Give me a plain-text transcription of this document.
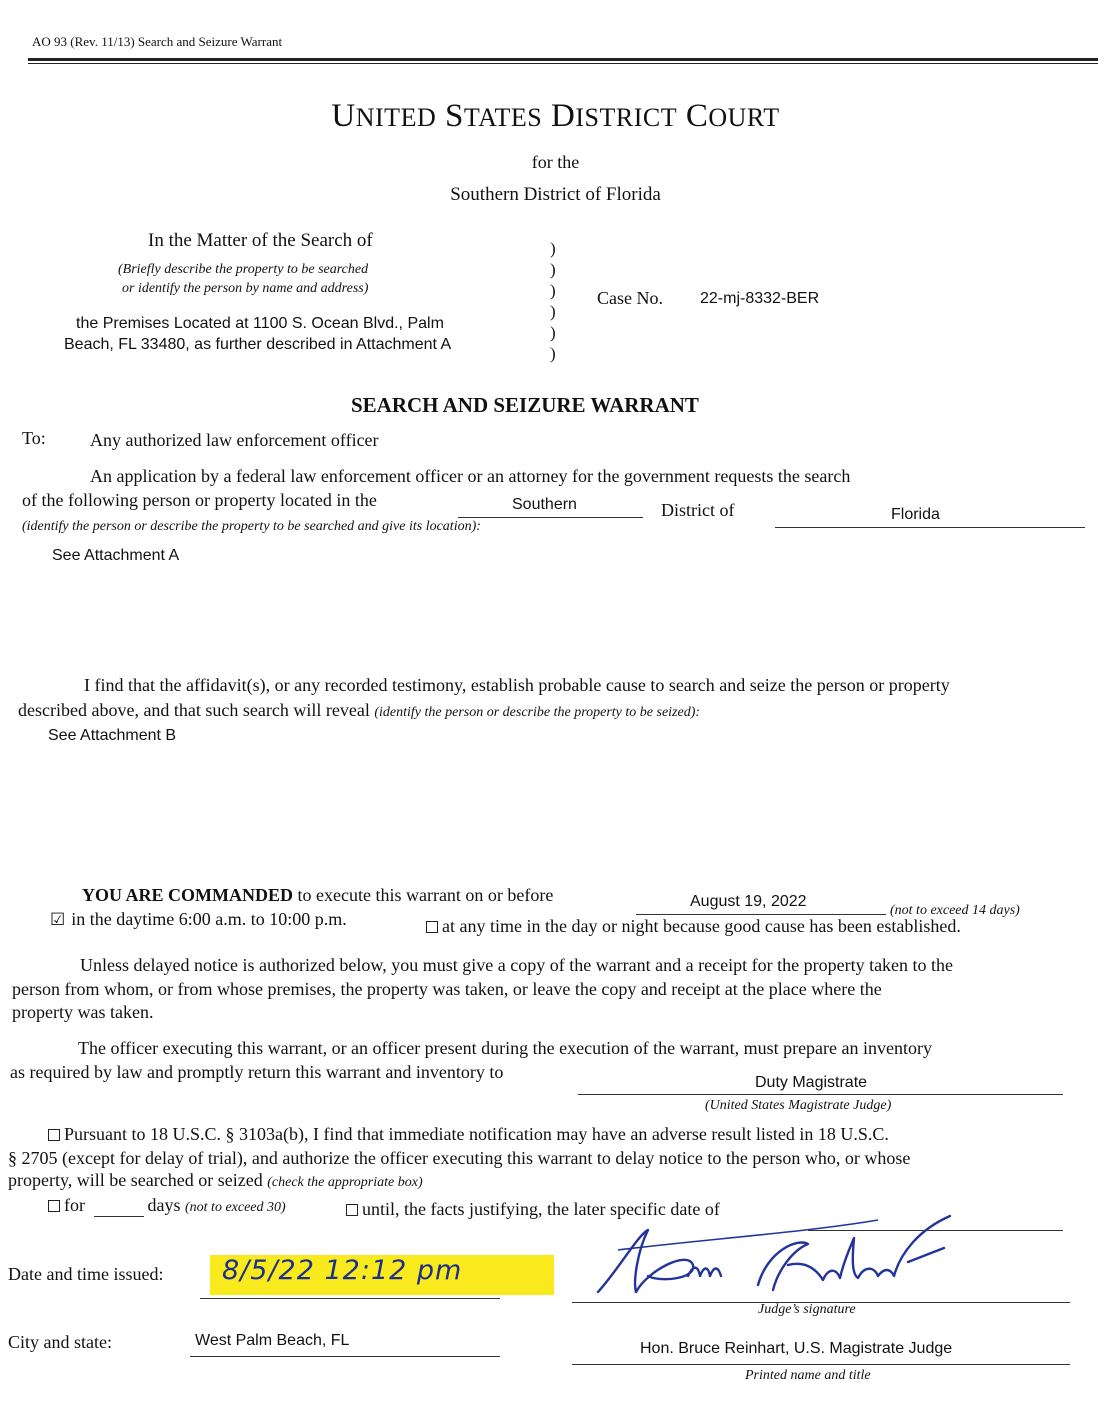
AO 93 (Rev. 11/13) Search and Seizure Warrant
UNITED STATES DISTRICT COURT
for the
Southern District of Florida
In the Matter of the Search of
(Briefly describe the property to be searched
or identify the person by name and address)
the Premises Located at 1100 S. Ocean Blvd., Palm
Beach, FL 33480, as further described in Attachment A
)
)
)
)
)
)
Case No. 22-mj-8332-BER
SEARCH AND SEIZURE WARRANT
To: Any authorized law enforcement officer
An application by a federal law enforcement officer or an attorney for the government requests the search
of the following person or property located in the	Southern	District of	Florida
(identify the person or describe the property to be searched and give its location):
See Attachment A
I find that the affidavit(s), or any recorded testimony, establish probable cause to search and seize the person or property
described above, and that such search will reveal (identify the person or describe the property to be seized):
See Attachment B
YOU ARE COMMANDED to execute this warrant on or before	August 19, 2022
(not to exceed 14 days)
☑ in the daytime 6:00 a.m. to 10:00 p.m.	at any time in the day or night because good cause has been established.
Unless delayed notice is authorized below, you must give a copy of the warrant and a receipt for the property taken to the
person from whom, or from whose premises, the property was taken, or leave the copy and receipt at the place where the
property was taken.
The officer executing this warrant, or an officer present during the execution of the warrant, must prepare an inventory
as required by law and promptly return this warrant and inventory to
Duty Magistrate
(United States Magistrate Judge)
Pursuant to 18 U.S.C. § 3103a(b), I find that immediate notification may have an adverse result listed in 18 U.S.C.
§ 2705 (except for delay of trial), and authorize the officer executing this warrant to delay notice to the person who, or whose
property, will be searched or seized (check the appropriate box)
for	days (not to exceed 30)	until, the facts justifying, the later specific date of
Date and time issued: 8/5/22 12:12 pm
Judge’s signature
City and state:	West Palm Beach, FL	Hon. Bruce Reinhart, U.S. Magistrate Judge
Printed name and title
